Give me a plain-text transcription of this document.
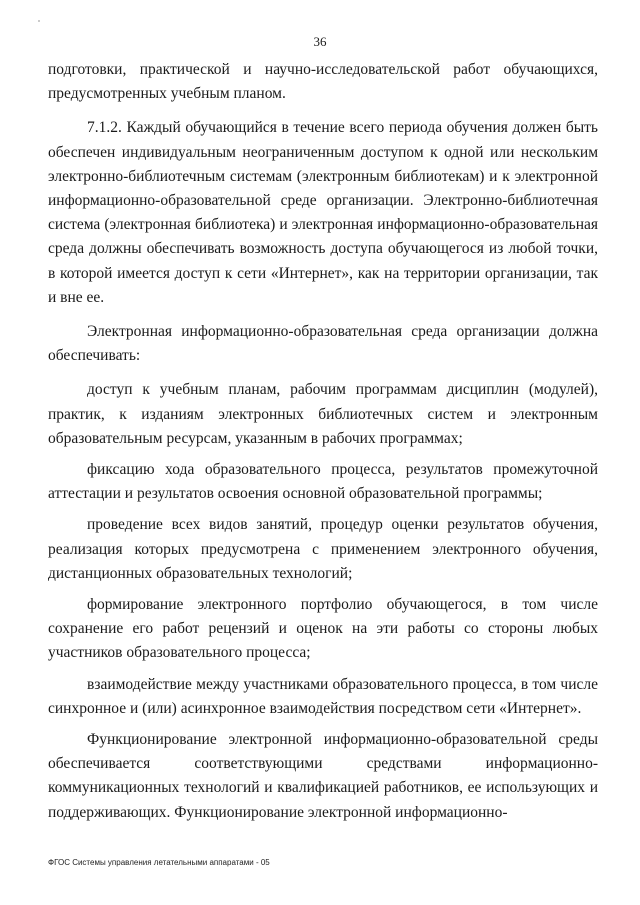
36

подготовки, практической и научно-исследовательской работ обучающихся, предусмотренных учебным планом.

7.1.2. Каждый обучающийся в течение всего периода обучения должен быть обеспечен индивидуальным неограниченным доступом к одной или нескольким электронно-библиотечным системам (электронным библиотекам) и к электронной информационно-образовательной среде организации. Электронно-библиотечная система (электронная библиотека) и электронная информационно-образовательная среда должны обеспечивать возможность доступа обучающегося из любой точки, в которой имеется доступ к сети «Интернет», как на территории организации, так и вне ее.

Электронная информационно-образовательная среда организации должна обеспечивать:

доступ к учебным планам, рабочим программам дисциплин (модулей), практик, к изданиям электронных библиотечных систем и электронным образовательным ресурсам, указанным в рабочих программах;

фиксацию хода образовательного процесса, результатов промежуточной аттестации и результатов освоения основной образовательной программы;

проведение всех видов занятий, процедур оценки результатов обучения, реализация которых предусмотрена с применением электронного обучения, дистанционных образовательных технологий;

формирование электронного портфолио обучающегося, в том числе сохранение его работ рецензий и оценок на эти работы со стороны любых участников образовательного процесса;

взаимодействие между участниками образовательного процесса, в том числе синхронное и (или) асинхронное взаимодействия посредством сети «Интернет».

Функционирование электронной информационно-образовательной среды обеспечивается соответствующими средствами информационно-коммуникационных технологий и квалификацией работников, ее использующих и поддерживающих. Функционирование электронной информационно-

ФГОС Системы управления летательными аппаратами - 05
